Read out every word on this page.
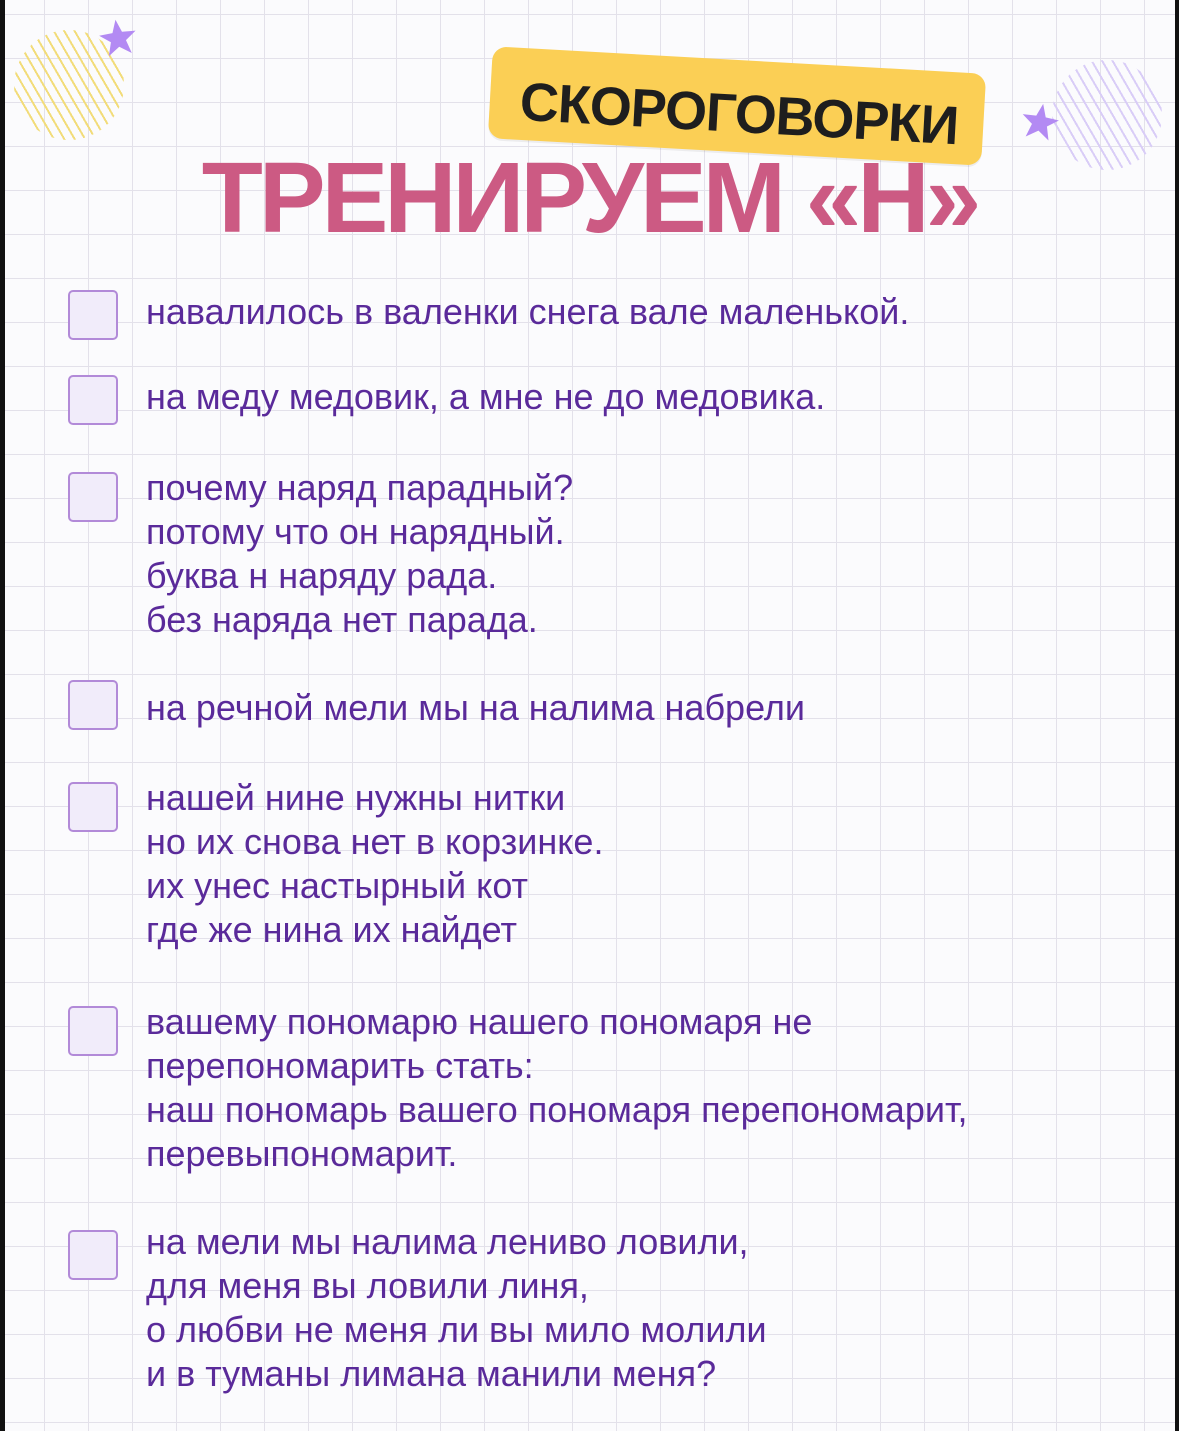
СКОРОГОВОРКИ
ТРЕНИРУЕМ «Н»
навалилось в валенки снега вале маленькой.
на меду медовик, а мне не до медовика.
почему наряд парадный?
потому что он нарядный.
буква н наряду рада.
без наряда нет парада.
на речной мели мы на налима набрели
нашей нине нужны нитки
но их снова нет в корзинке.
их унес настырный кот
где же нина их найдет
вашему пономарю нашего пономаря не
перепономарить стать:
наш пономарь вашего пономаря перепономарит,
перевыпономарит.
на мели мы налима лениво ловили,
для меня вы ловили линя,
о любви не меня ли вы мило молили
и в туманы лимана манили меня?
